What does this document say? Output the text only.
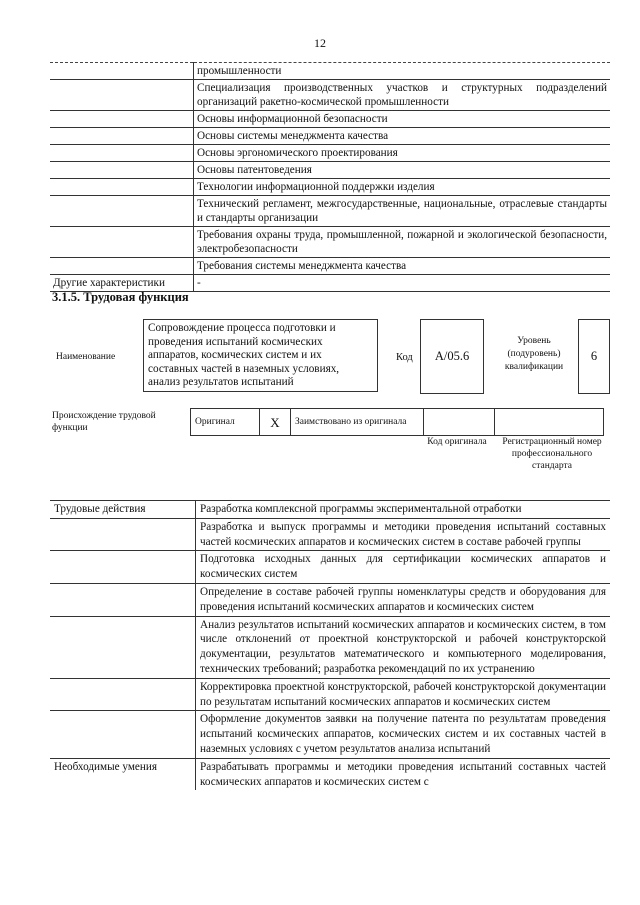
12
	промышленности
	Специализация производственных участков и структурных подразделений организаций ракетно-космической промышленности
	Основы информационной безопасности
	Основы системы менеджмента качества
	Основы эргономического проектирования
	Основы патентоведения
	Технологии информационной поддержки изделия
	Технический регламент, межгосударственные, национальные, отраслевые стандарты и стандарты организации
	Требования охраны труда, промышленной, пожарной и экологической безопасности, электробезопасности
	Требования системы менеджмента качества
Другие характеристики	-
3.1.5. Трудовая функция
Наименование
Сопровождение процесса подготовки и проведения испытаний космических аппаратов, космических систем и их составных частей в наземных условиях, анализ результатов испытаний
Код	A/05.6
Уровень (подуровень) квалификации
6
Происхождение трудовой функции
Оригинал	X	Заимствовано из оригинала		
Код оригинала	Регистрационный номер профессионального стандарта
Трудовые действия	Разработка комплексной программы экспериментальной отработки
	Разработка и выпуск программы и методики проведения испытаний составных частей космических аппаратов и космических систем в составе рабочей группы
	Подготовка исходных данных для сертификации космических аппаратов и космических систем
	Определение в составе рабочей группы номенклатуры средств и оборудования для проведения испытаний космических аппаратов и космических систем
	Анализ результатов испытаний космических аппаратов и космических систем, в том числе отклонений от проектной конструкторской и рабочей конструкторской документации, результатов математического и компьютерного моделирования, технических требований; разработка рекомендаций по их устранению
	Корректировка проектной конструкторской, рабочей конструкторской документации по результатам испытаний космических аппаратов и космических систем
	Оформление документов заявки на получение патента по результатам проведения испытаний космических аппаратов, космических систем и их составных частей в наземных условиях с учетом результатов анализа испытаний
Необходимые умения	Разрабатывать программы и методики проведения испытаний составных частей космических аппаратов и космических систем с
